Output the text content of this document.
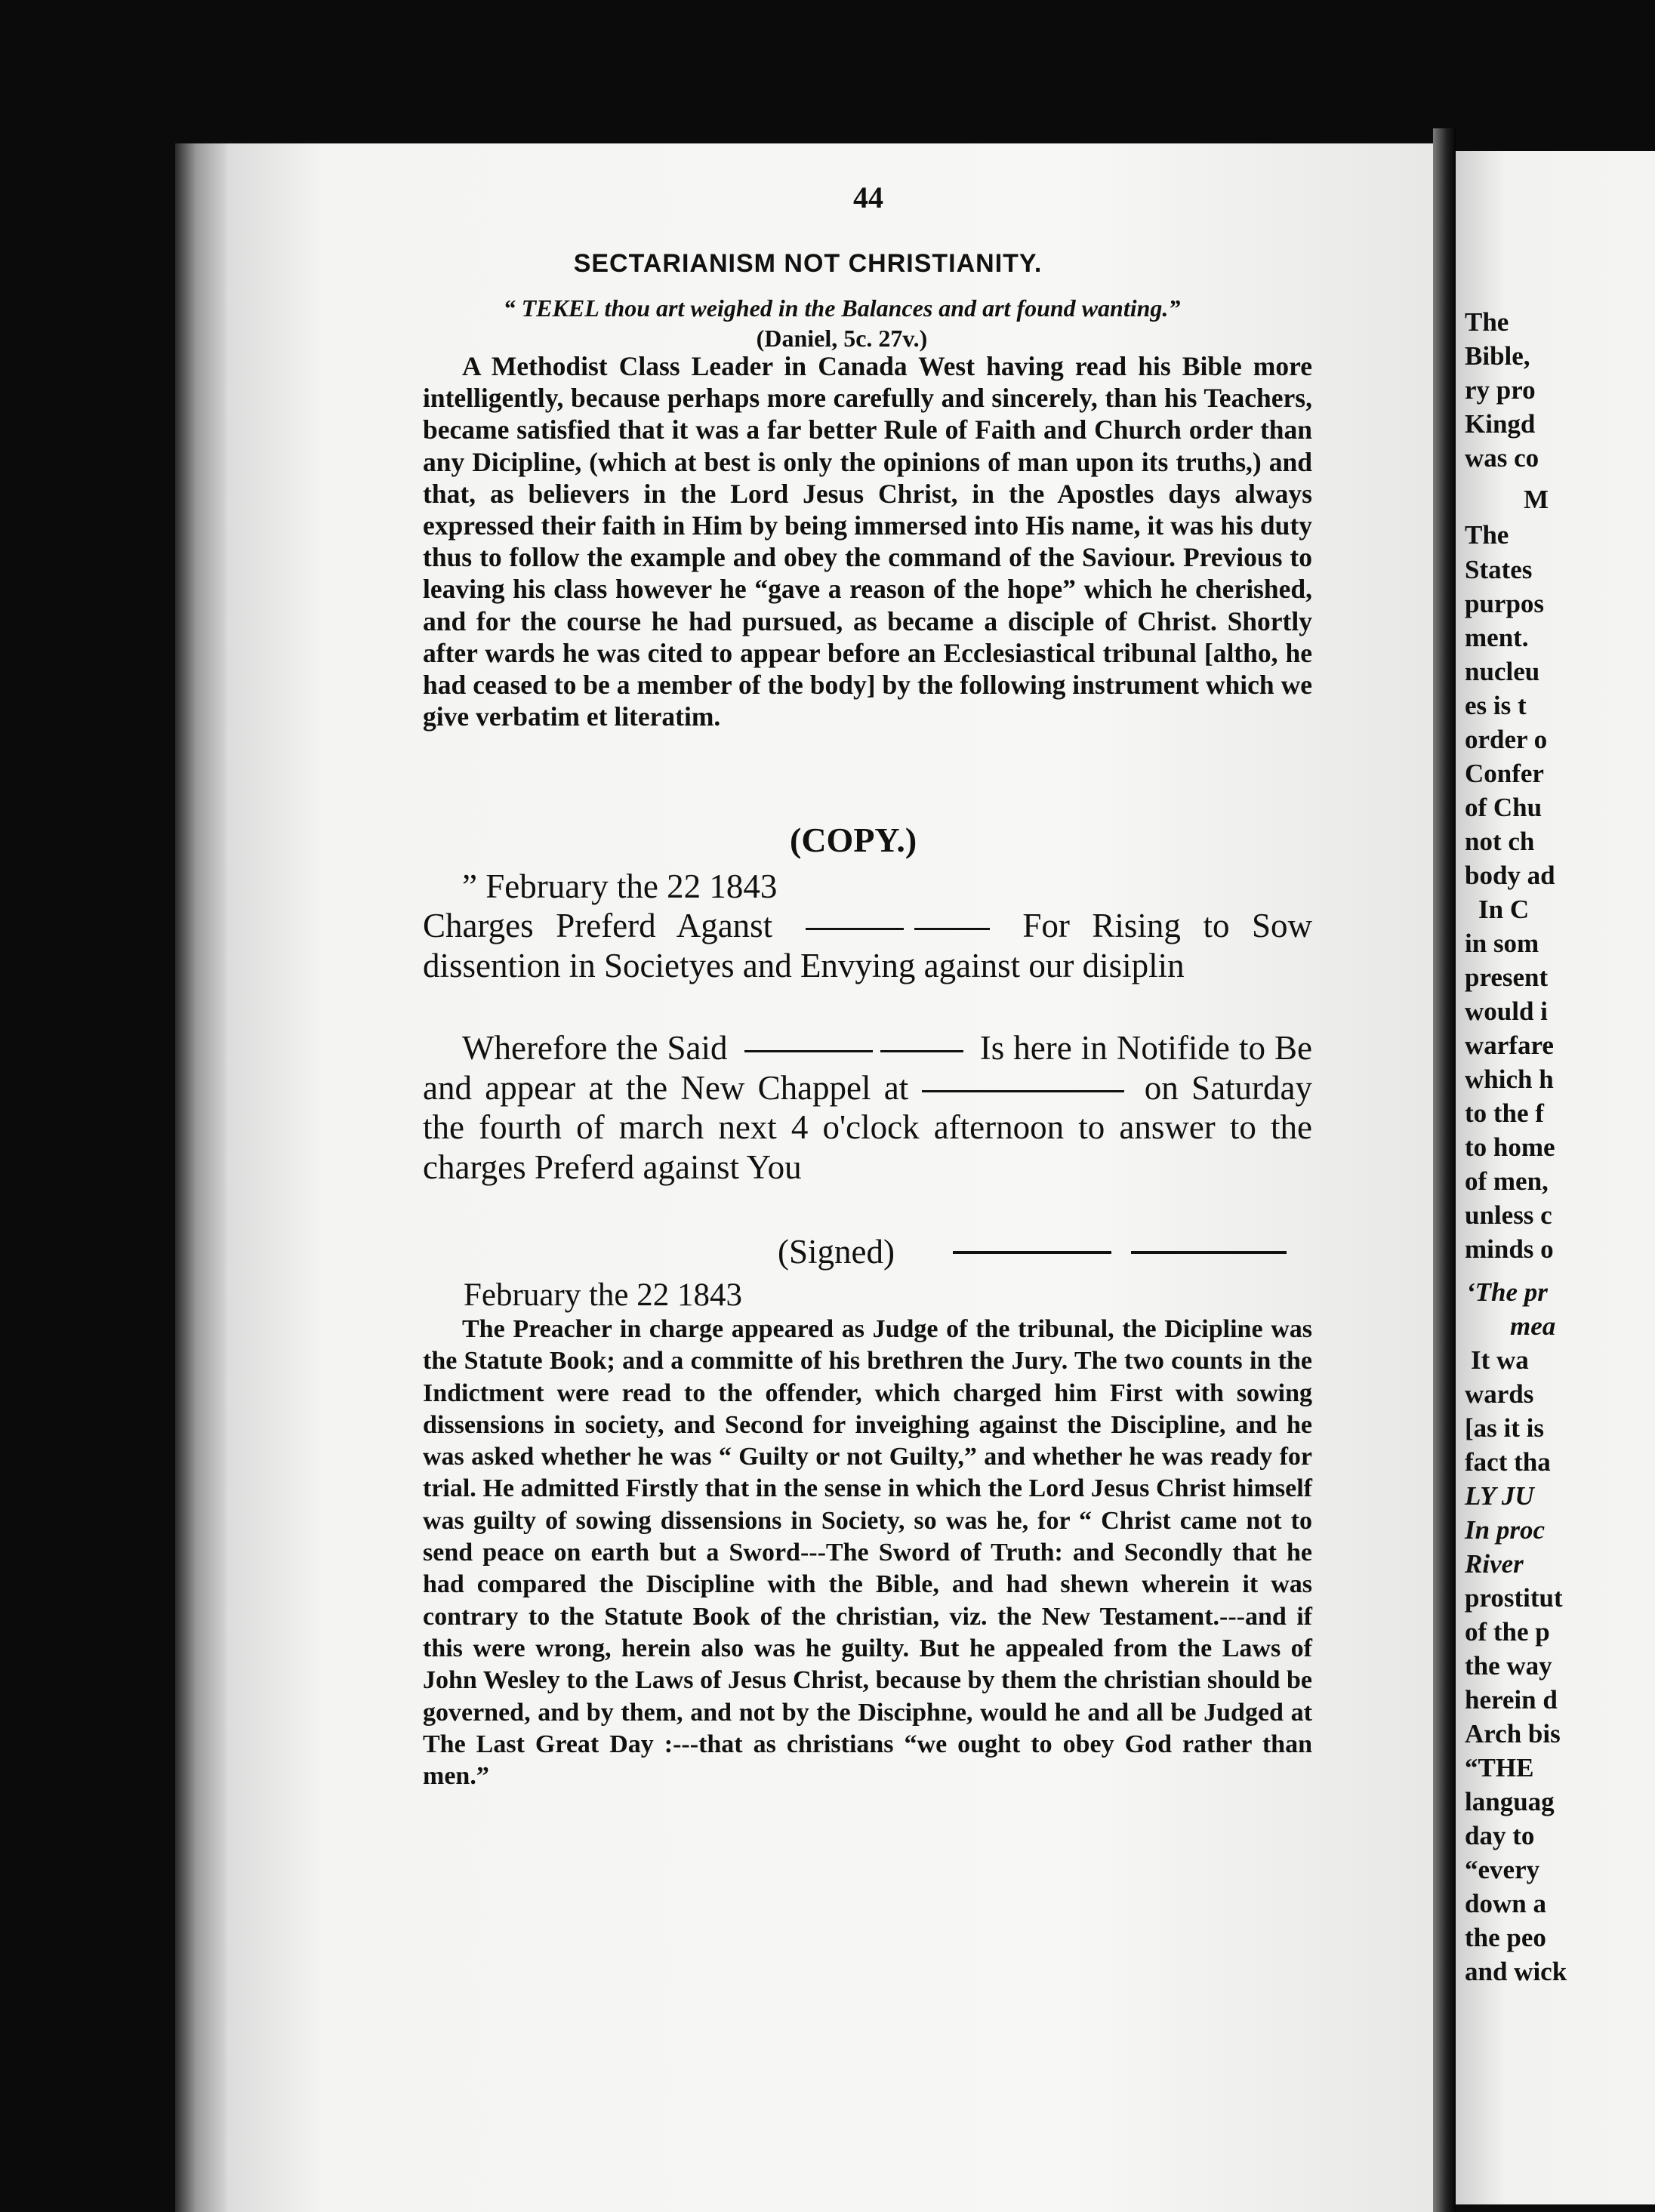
The
Bible,
ry pro
Kingd
was co
M
The
States
purpos
ment.
nucleu
es is t
order o
Confer
of Chu
not ch
body ad
In C
in som
present
would i
warfare
which h
to the f
to home
of men,
unless c
minds o
‘The pr
mea
It wa
wards
[as it is
fact tha
LY JU
In proc
River
prostitut
of the p
the way
herein d
Arch bis
“THE
languag
day to
“every
down a
the peo
and wick
44
SECTARIANISM NOT CHRISTIANITY.
“ TEKEL thou art weighed in the Balances and art found wanting.”
(Daniel, 5c. 27v.)

A Methodist Class Leader in Canada West having read his Bible more intelligently, because perhaps more carefully and sincerely, than his Teachers, became satisfied that it was a far better Rule of Faith and Church order than any Dicipline, (which at best is only the opinions of man upon its truths,) and that, as believers in the Lord Jesus Christ, in the Apostles days always expressed their faith in Him by being immersed into His name, it was his duty thus to follow the example and obey the command of the Saviour. Previous to leaving his class however he “gave a reason of the hope” which he cherished, and for the course he had pursued, as became a disciple of Christ. Shortly after wards he was cited to appear before an Ecclesiastical tribunal [altho, he had ceased to be a member of the body] by the following instrument which we give verbatim et literatim.

(COPY.)
” February the 22 1843

Charges Preferd Aganst	For Rising to Sow dissention in Societyes and Envying against our disiplin

Wherefore the Said	Is here in Notifide to Be and appear at the New Chappel at	on Saturday the fourth of march next 4 o'clock afternoon to answer to the charges Preferd against You

(Signed)
February the 22 1843

The Preacher in charge appeared as Judge of the tribunal, the Dicipline was the Statute Book; and a committe of his brethren the Jury. The two counts in the Indictment were read to the offender, which charged him First with sowing dissensions in society, and Second for inveighing against the Discipline, and he was asked whether he was “ Guilty or not Guilty,” and whether he was ready for trial. He admitted Firstly that in the sense in which the Lord Jesus Christ himself was guilty of sowing dissensions in Society, so was he, for “ Christ came not to send peace on earth but a Sword---The Sword of Truth: and Secondly that he had compared the Discipline with the Bible, and had shewn wherein it was contrary to the Statute Book of the christian, viz. the New Testament.---and if this were wrong, herein also was he guilty. But he appealed from the Laws of John Wesley to the Laws of Jesus Christ, because by them the christian should be governed, and by them, and not by the Disciphne, would he and all be Judged at The Last Great Day :---that as christians “we ought to obey God rather than men.”
